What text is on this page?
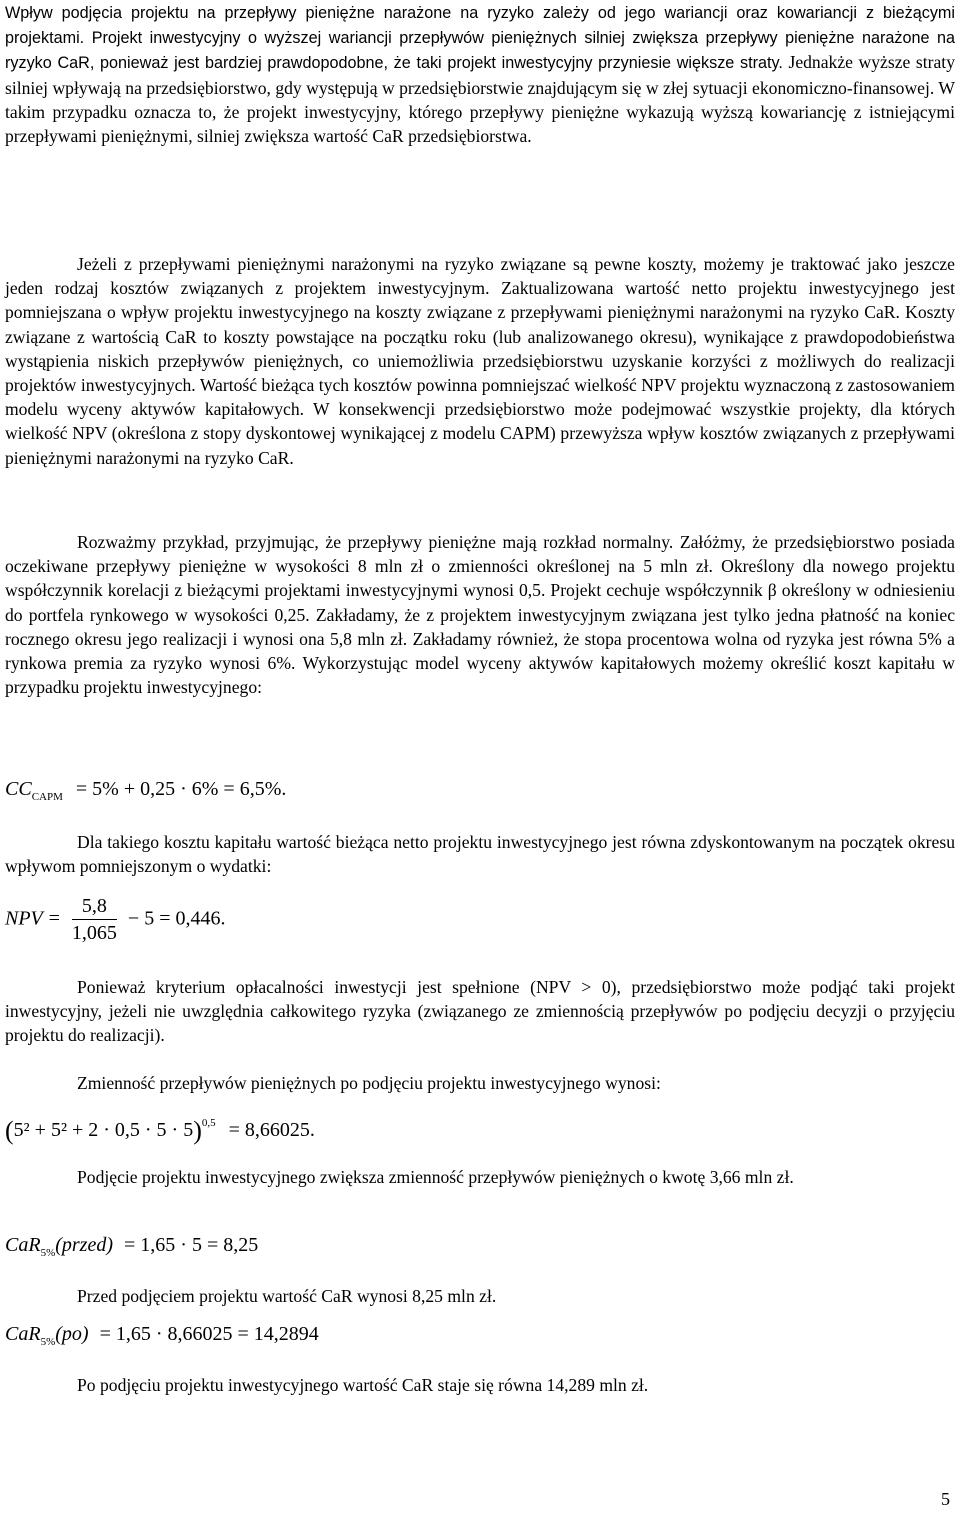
Wpływ podjęcia projektu na przepływy pieniężne narażone na ryzyko zależy od jego wariancji oraz kowariancji z bieżącymi projektami. Projekt inwestycyjny o wyższej wariancji przepływów pieniężnych silniej zwiększa przepływy pieniężne narażone na ryzyko CaR, ponieważ jest bardziej prawdopodobne, że taki projekt inwestycyjny przyniesie większe straty. Jednakże wyższe straty silniej wpływają na przedsiębiorstwo, gdy występują w przedsiębiorstwie znajdującym się w złej sytuacji ekonomiczno-finansowej. W takim przypadku oznacza to, że projekt inwestycyjny, którego przepływy pieniężne wykazują wyższą kowariancję z istniejącymi przepływami pieniężnymi, silniej zwiększa wartość CaR przedsiębiorstwa.

Jeżeli z przepływami pieniężnymi narażonymi na ryzyko związane są pewne koszty, możemy je traktować jako jeszcze jeden rodzaj kosztów związanych z projektem inwestycyjnym. Zaktualizowana wartość netto projektu inwestycyjnego jest pomniejszana o wpływ projektu inwestycyjnego na koszty związane z przepływami pieniężnymi narażonymi na ryzyko CaR. Koszty związane z wartością CaR to koszty powstające na początku roku (lub analizowanego okresu), wynikające z prawdopodobieństwa wystąpienia niskich przepływów pieniężnych, co uniemożliwia przedsiębiorstwu uzyskanie korzyści z możliwych do realizacji projektów inwestycyjnych. Wartość bieżąca tych kosztów powinna pomniejszać wielkość NPV projektu wyznaczoną z zastosowaniem modelu wyceny aktywów kapitałowych. W konsekwencji przedsiębiorstwo może podejmować wszystkie projekty, dla których wielkość NPV (określona z stopy dyskontowej wynikającej z modelu CAPM) przewyższa wpływ kosztów związanych z przepływami pieniężnymi narażonymi na ryzyko CaR.

Rozważmy przykład, przyjmując, że przepływy pieniężne mają rozkład normalny. Załóżmy, że przedsiębiorstwo posiada oczekiwane przepływy pieniężne w wysokości 8 mln zł o zmienności określonej na 5 mln zł. Określony dla nowego projektu współczynnik korelacji z bieżącymi projektami inwestycyjnymi wynosi 0,5. Projekt cechuje współczynnik β określony w odniesieniu do portfela rynkowego w wysokości 0,25. Zakładamy, że z projektem inwestycyjnym związana jest tylko jedna płatność na koniec rocznego okresu jego realizacji i wynosi ona 5,8 mln zł. Zakładamy również, że stopa procentowa wolna od ryzyka jest równa 5% a rynkowa premia za ryzyko wynosi 6%. Wykorzystując model wyceny aktywów kapitałowych możemy określić koszt kapitału w przypadku projektu inwestycyjnego:

$CC_{CAPM} = 5\% + 0,25 \cdot 6\% = 6,5\%$.

Dla takiego kosztu kapitału wartość bieżąca netto projektu inwestycyjnego jest równa zdyskontowanym na początek okresu wpływom pomniejszonym o wydatki:

NPV = $\frac{5,8}{1,065} - 5 = 0,446$.

Ponieważ kryterium opłacalności inwestycji jest spełnione (NPV > 0), przedsiębiorstwo może podjąć taki projekt inwestycyjny, jeżeli nie uwzględnia całkowitego ryzyka (związanego ze zmiennością przepływów po podjęciu decyzji o przyjęciu projektu do realizacji).

Zmienność przepływów pieniężnych po podjęciu projektu inwestycyjnego wynosi:

$(5^2 + 5^2 + 2 \cdot 0,5 \cdot 5 \cdot 5)^{0,5} = 8,66025$.

Podjęcie projektu inwestycyjnego zwiększa zmienność przepływów pieniężnych o kwotę 3,66 mln zł.

CaR$_{5\%}$(przed) = 1,65 · 5 = 8,25

Przed podjęciem projektu wartość CaR wynosi 8,25 mln zł.

CaR$_{5\%}$(po) = 1,65 · 8,66025 = 14,2894

Po podjęciu projektu inwestycyjnego wartość CaR staje się równa 14,289 mln zł.

5
